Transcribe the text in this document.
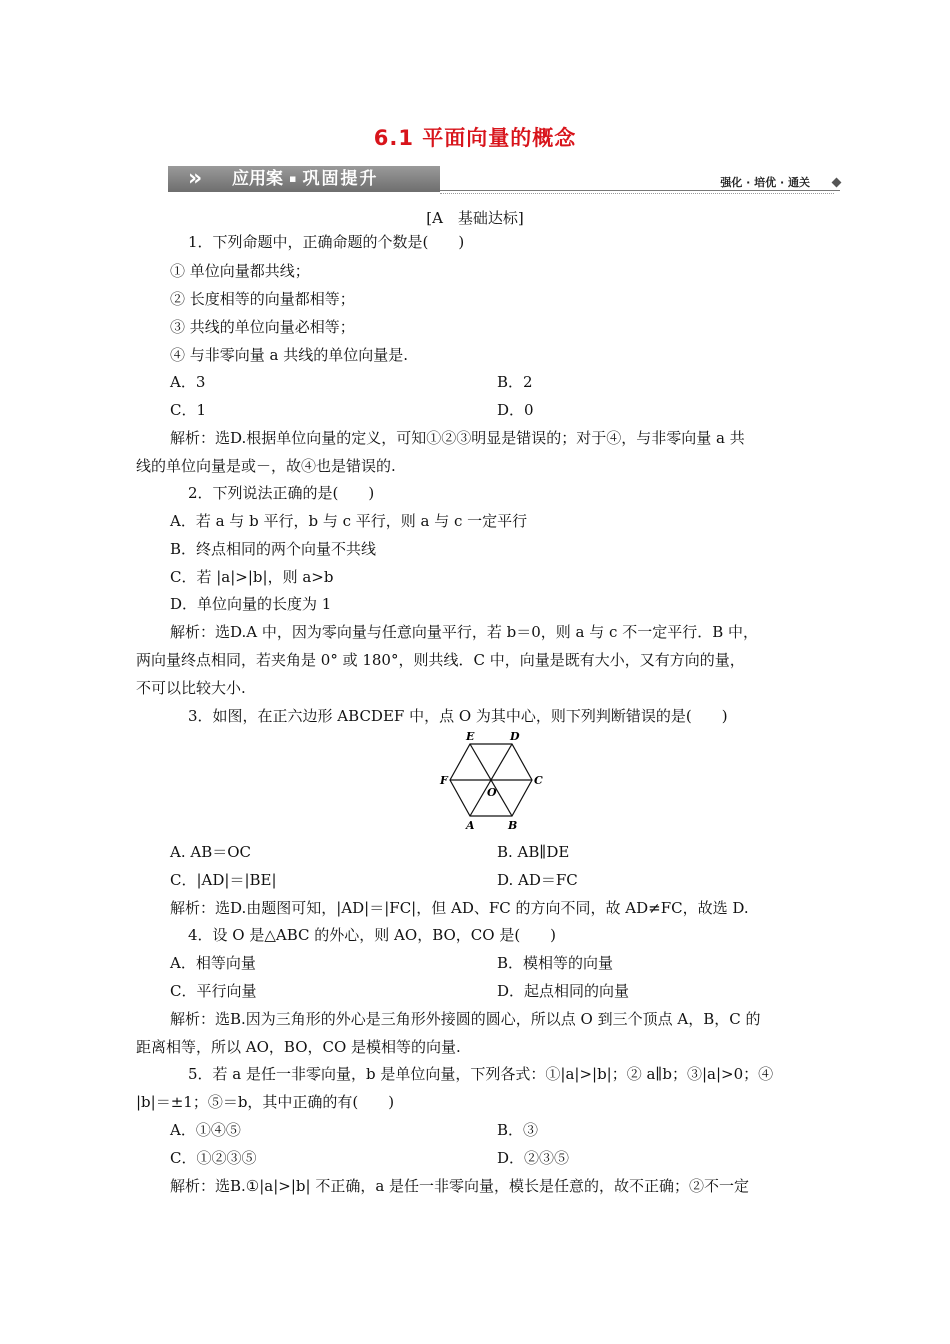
6.1 平面向量的概念
» 应用案 ▪ 巩固提升	强化 · 培优 · 通关
[A　基础达标]
1．下列命题中，正确命题的个数是(　　)
① 单位向量都共线；
② 长度相等的向量都相等；
③ 共线的单位向量必相等；
④ 与非零向量 a 共线的单位向量是.
A．3	B．2
C．1	D．0
解析：选D.根据单位向量的定义，可知①②③明显是错误的；对于④，与非零向量 a 共
线的单位向量是或－，故④也是错误的.
2．下列说法正确的是(　　)
A．若 a 与 b 平行，b 与 c 平行，则 a 与 c 一定平行
B．终点相同的两个向量不共线
C．若 |a|>|b|，则 a>b
D．单位向量的长度为 1
解析：选D.A 中，因为零向量与任意向量平行，若 b＝0，则 a 与 c 不一定平行．B 中，
两向量终点相同，若夹角是 0° 或 180°，则共线．C 中，向量是既有大小，又有方向的量，
不可以比较大小.
3．如图，在正六边形 ABCDEF 中，点 O 为其中心，则下列判断错误的是(　　)
E	D
F	C
O
A	B
A. AB＝OC	B. AB∥DE
C．|AD|＝|BE|	D. AD＝FC
解析：选D.由题图可知，|AD|＝|FC|，但 AD、FC 的方向不同，故 AD≠FC，故选 D.
4．设 O 是△ABC 的外心，则 AO，BO，CO 是(　　)
A．相等向量	B．模相等的向量
C．平行向量	D．起点相同的向量
解析：选B.因为三角形的外心是三角形外接圆的圆心，所以点 O 到三个顶点 A，B，C 的
距离相等，所以 AO，BO，CO 是模相等的向量.
5．若 a 是任一非零向量，b 是单位向量，下列各式：①|a|>|b|；② a∥b；③|a|>0；④
|b|＝±1；⑤＝b，其中正确的有(　　)
A．①④⑤	B．③
C．①②③⑤	D．②③⑤
解析：选B.①|a|>|b| 不正确，a 是任一非零向量，模长是任意的，故不正确；②不一定
